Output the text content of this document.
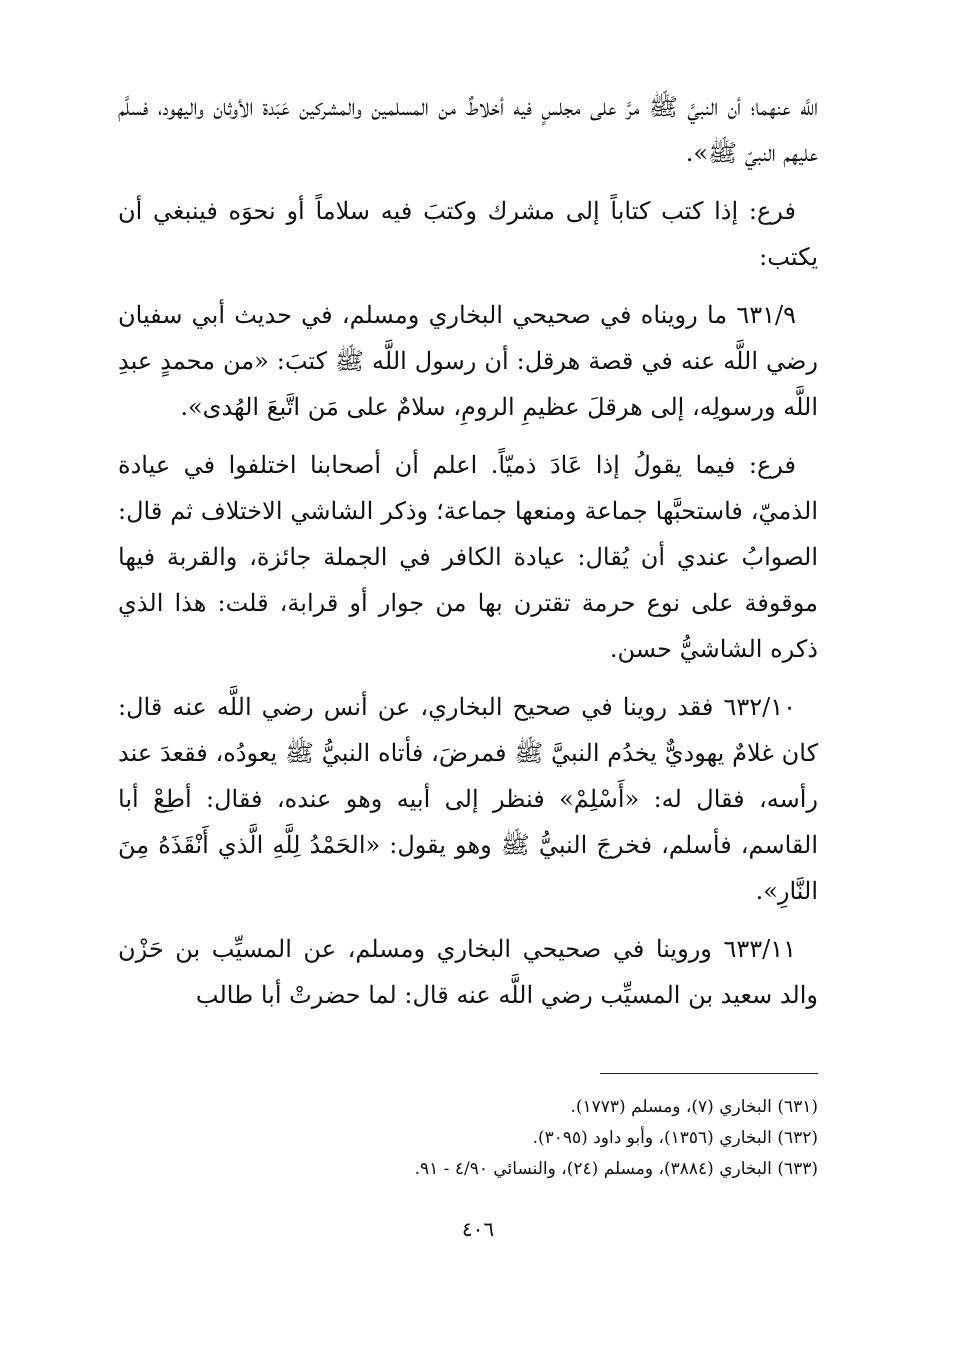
اللَّه عنهما؛ أن النبيَّ ﷺ مرَّ على مجلسٍ فيه أخلاطٌ من المسلمين والمشركين عَبَدة الأوثان واليهود، فسلَّم عليهم النبيّ ﷺ».

فرع: إذا كتب كتاباً إلى مشرك وكتبَ فيه سلاماً أو نحوَه فينبغي أن يكتب:

٦٣١/٩ ما رويناه في صحيحي البخاري ومسلم، في حديث أبي سفيان رضي اللَّه عنه في قصة هرقل: أن رسول اللَّه ﷺ كتبَ: «من محمدٍ عبدِ اللَّه ورسولِه، إلى هرقلَ عظيمِ الرومِ، سلامٌ على مَن اتَّبعَ الهُدى».

فرع: فيما يقولُ إذا عَادَ ذميّاً. اعلم أن أصحابنا اختلفوا في عيادة الذميّ، فاستحبَّها جماعة ومنعها جماعة؛ وذكر الشاشي الاختلاف ثم قال: الصوابُ عندي أن يُقال: عيادة الكافر في الجملة جائزة، والقربة فيها موقوفة على نوع حرمة تقترن بها من جوار أو قرابة، قلت: هذا الذي ذكره الشاشيُّ حسن.

٦٣٢/١٠ فقد روينا في صحيح البخاري، عن أنس رضي اللَّه عنه قال: كان غلامٌ يهوديٌّ يخدُم النبيَّ ﷺ فمرضَ، فأتاه النبيُّ ﷺ يعودُه، فقعدَ عند رأسه، فقال له: «أَسْلِمْ» فنظر إلى أبيه وهو عنده، فقال: أطِعْ أبا القاسم، فأسلم، فخرجَ النبيُّ ﷺ وهو يقول: «الحَمْدُ لِلَّهِ الَّذي أَنْقَذَهُ مِنَ النَّارِ».

٦٣٣/١١ وروينا في صحيحي البخاري ومسلم، عن المسيِّب بن حَزْن والد سعيد بن المسيِّب رضي اللَّه عنه قال: لما حضرتْ أبا طالب

(٦٣١) البخاري (٧)، ومسلم (١٧٧٣).

(٦٣٢) البخاري (١٣٥٦)، وأبو داود (٣٠٩٥).

(٦٣٣) البخاري (٣٨٨٤)، ومسلم (٢٤)، والنسائي ٤/٩٠ - ٩١.

٤٠٦
